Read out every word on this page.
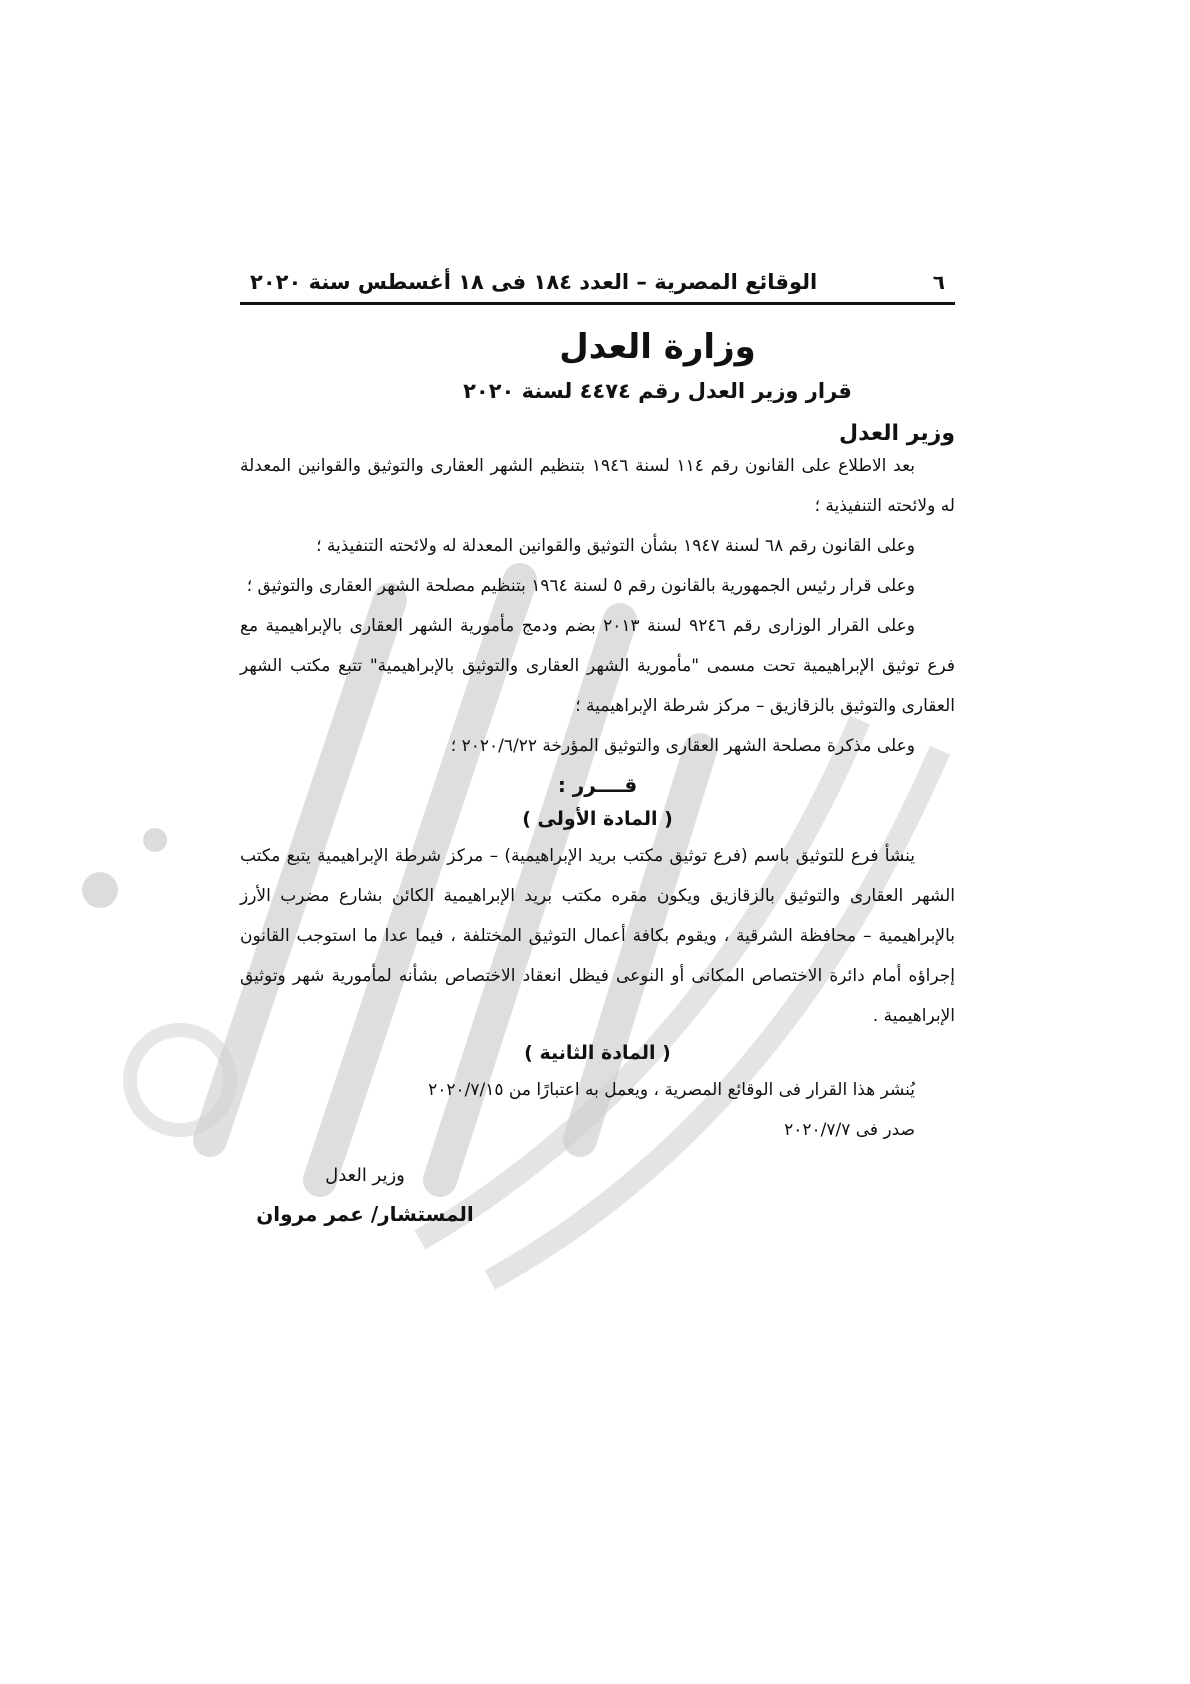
٦
الوقائع المصرية – العدد ١٨٤ فى ١٨ أغسطس سنة ٢٠٢٠
وزارة العدل
قرار وزير العدل رقم ٤٤٧٤ لسنة ٢٠٢٠
وزير العدل

بعد الاطلاع على القانون رقم ١١٤ لسنة ١٩٤٦ بتنظيم الشهر العقارى والتوثيق والقوانين المعدلة له ولائحته التنفيذية ؛

وعلى القانون رقم ٦٨ لسنة ١٩٤٧ بشأن التوثيق والقوانين المعدلة له ولائحته التنفيذية ؛

وعلى قرار رئيس الجمهورية بالقانون رقم ٥ لسنة ١٩٦٤ بتنظيم مصلحة الشهر العقارى والتوثيق ؛

وعلى القرار الوزارى رقم ٩٢٤٦ لسنة ٢٠١٣ بضم ودمج مأمورية الشهر العقارى بالإبراهيمية مع فرع توثيق الإبراهيمية تحت مسمى "مأمورية الشهر العقارى والتوثيق بالإبراهيمية" تتبع مكتب الشهر العقارى والتوثيق بالزقازيق – مركز شرطة الإبراهيمية ؛

وعلى مذكرة مصلحة الشهر العقارى والتوثيق المؤرخة ٢٠٢٠/٦/٢٢ ؛

قــــرر :
( المادة الأولى )

ينشأ فرع للتوثيق باسم (فرع توثيق مكتب بريد الإبراهيمية) – مركز شرطة الإبراهيمية يتبع مكتب الشهر العقارى والتوثيق بالزقازيق ويكون مقره مكتب بريد الإبراهيمية الكائن بشارع مضرب الأرز بالإبراهيمية – محافظة الشرقية ، ويقوم بكافة أعمال التوثيق المختلفة ، فيما عدا ما استوجب القانون إجراؤه أمام دائرة الاختصاص المكانى أو النوعى فيظل انعقاد الاختصاص بشأنه لمأمورية شهر وتوثيق الإبراهيمية .

( المادة الثانية )

يُنشر هذا القرار فى الوقائع المصرية ، ويعمل به اعتبارًا من ٢٠٢٠/٧/١٥

صدر فى ٢٠٢٠/٧/٧

وزير العدل
المستشار/ عمر مروان
